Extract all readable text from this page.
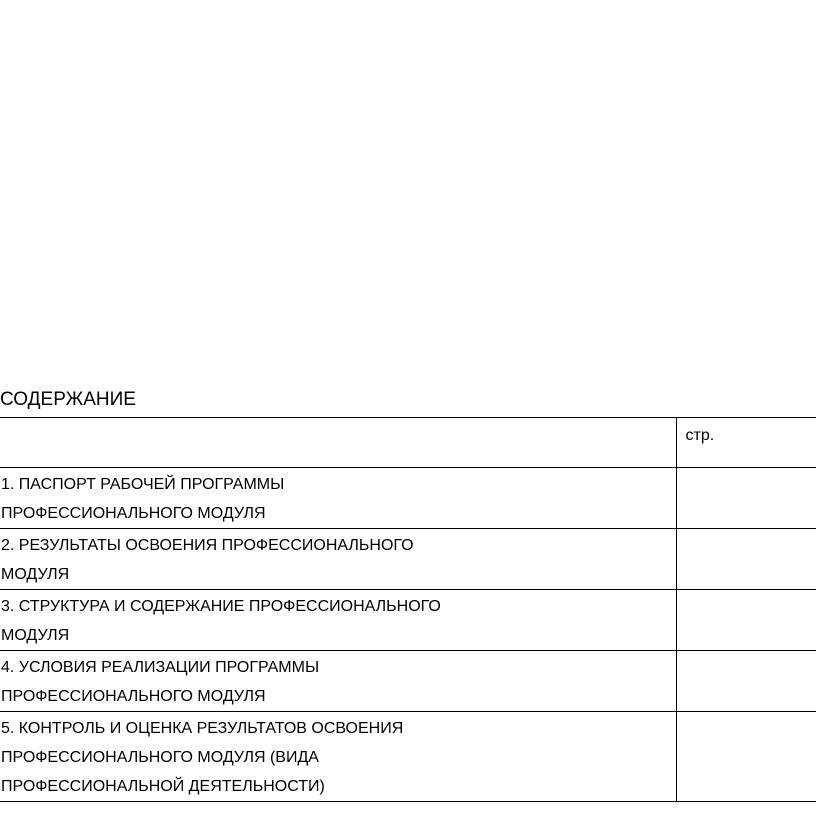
СОДЕРЖАНИЕ

	стр.

1. ПАСПОРТ РАБОЧЕЙ ПРОГРАММЫ
ПРОФЕССИОНАЛЬНОГО МОДУЛЯ	

2. РЕЗУЛЬТАТЫ ОСВОЕНИЯ ПРОФЕССИОНАЛЬНОГО
МОДУЛЯ	

3. СТРУКТУРА И СОДЕРЖАНИЕ ПРОФЕССИОНАЛЬНОГО
МОДУЛЯ	

4. УСЛОВИЯ РЕАЛИЗАЦИИ ПРОГРАММЫ
ПРОФЕССИОНАЛЬНОГО МОДУЛЯ	

5. КОНТРОЛЬ И ОЦЕНКА РЕЗУЛЬТАТОВ ОСВОЕНИЯ
ПРОФЕССИОНАЛЬНОГО МОДУЛЯ (ВИДА
ПРОФЕССИОНАЛЬНОЙ ДЕЯТЕЛЬНОСТИ)	
